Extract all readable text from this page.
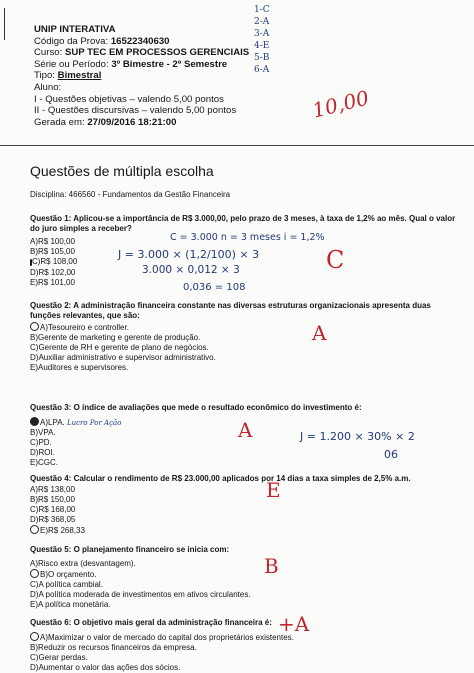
UNIP INTERATIVA
Código da Prova: 16522340630
Curso: SUP TEC EM PROCESSOS GERENCIAIS
Série ou Período: 3º Bimestre - 2º Semestre
Tipo: Bimestral
Aluno:
I - Questões objetivas – valendo 5,00 pontos
II - Questões discursivas – valendo 5,00 pontos
Gerada em: 27/09/2016 18:21:00
1-C
2-A
3-A
4-E
5-B
6-A
10,00
Questões de múltipla escolha
Disciplina: 466560 - Fundamentos da Gestão Financeira
Questão 1: Aplicou-se a importância de R$ 3.000,00, pelo prazo de 3 meses, à taxa de 1,2% ao mês. Qual o valor do juro simples a receber?
A)R$ 100,00
B)R$ 105,00
C)R$ 108,00
D)R$ 102,00
E)R$ 101,00
C = 3.000 n = 3 meses i = 1,2%
J = 3.000 × (1,2/100) × 3
3.000 × 0,012 × 3
0,036 = 108
C
Questão 2: A administração financeira constante nas diversas estruturas organizacionais apresenta duas funções relevantes, que são:
A)Tesoureiro e controller.
B)Gerente de marketing e gerente de produção.
C)Gerente de RH e gerente de plano de negócios.
D)Auxiliar administrativo e supervisor administrativo.
E)Auditores e supervisores.
A
Questão 3: O índice de avaliações que mede o resultado econômico do investimento é:
A)LPA. Lucro Por Ação
B)VPA.
C)PD.
D)ROI.
E)CGC.
A	J = 1.200 × 30% × 2
06
Questão 4: Calcular o rendimento de R$ 23.000,00 aplicados por 14 dias a taxa simples de 2,5% a.m.
A)R$ 138,00
B)R$ 150,00
C)R$ 168,00
D)R$ 368,05
E)R$ 268,33
E
Questão 5: O planejamento financeiro se inicia com:
A)Risco extra (desvantagem).
B)O orçamento.
C)A política cambial.
D)A política moderada de investimentos em ativos circulantes.
E)A política monetária.
B
Questão 6: O objetivo mais geral da administração financeira é:
A)Maximizar o valor de mercado do capital dos proprietários existentes.
B)Reduzir os recursos financeiros da empresa.
C)Gerar perdas.
D)Aumentar o valor das ações dos sócios.
+A
